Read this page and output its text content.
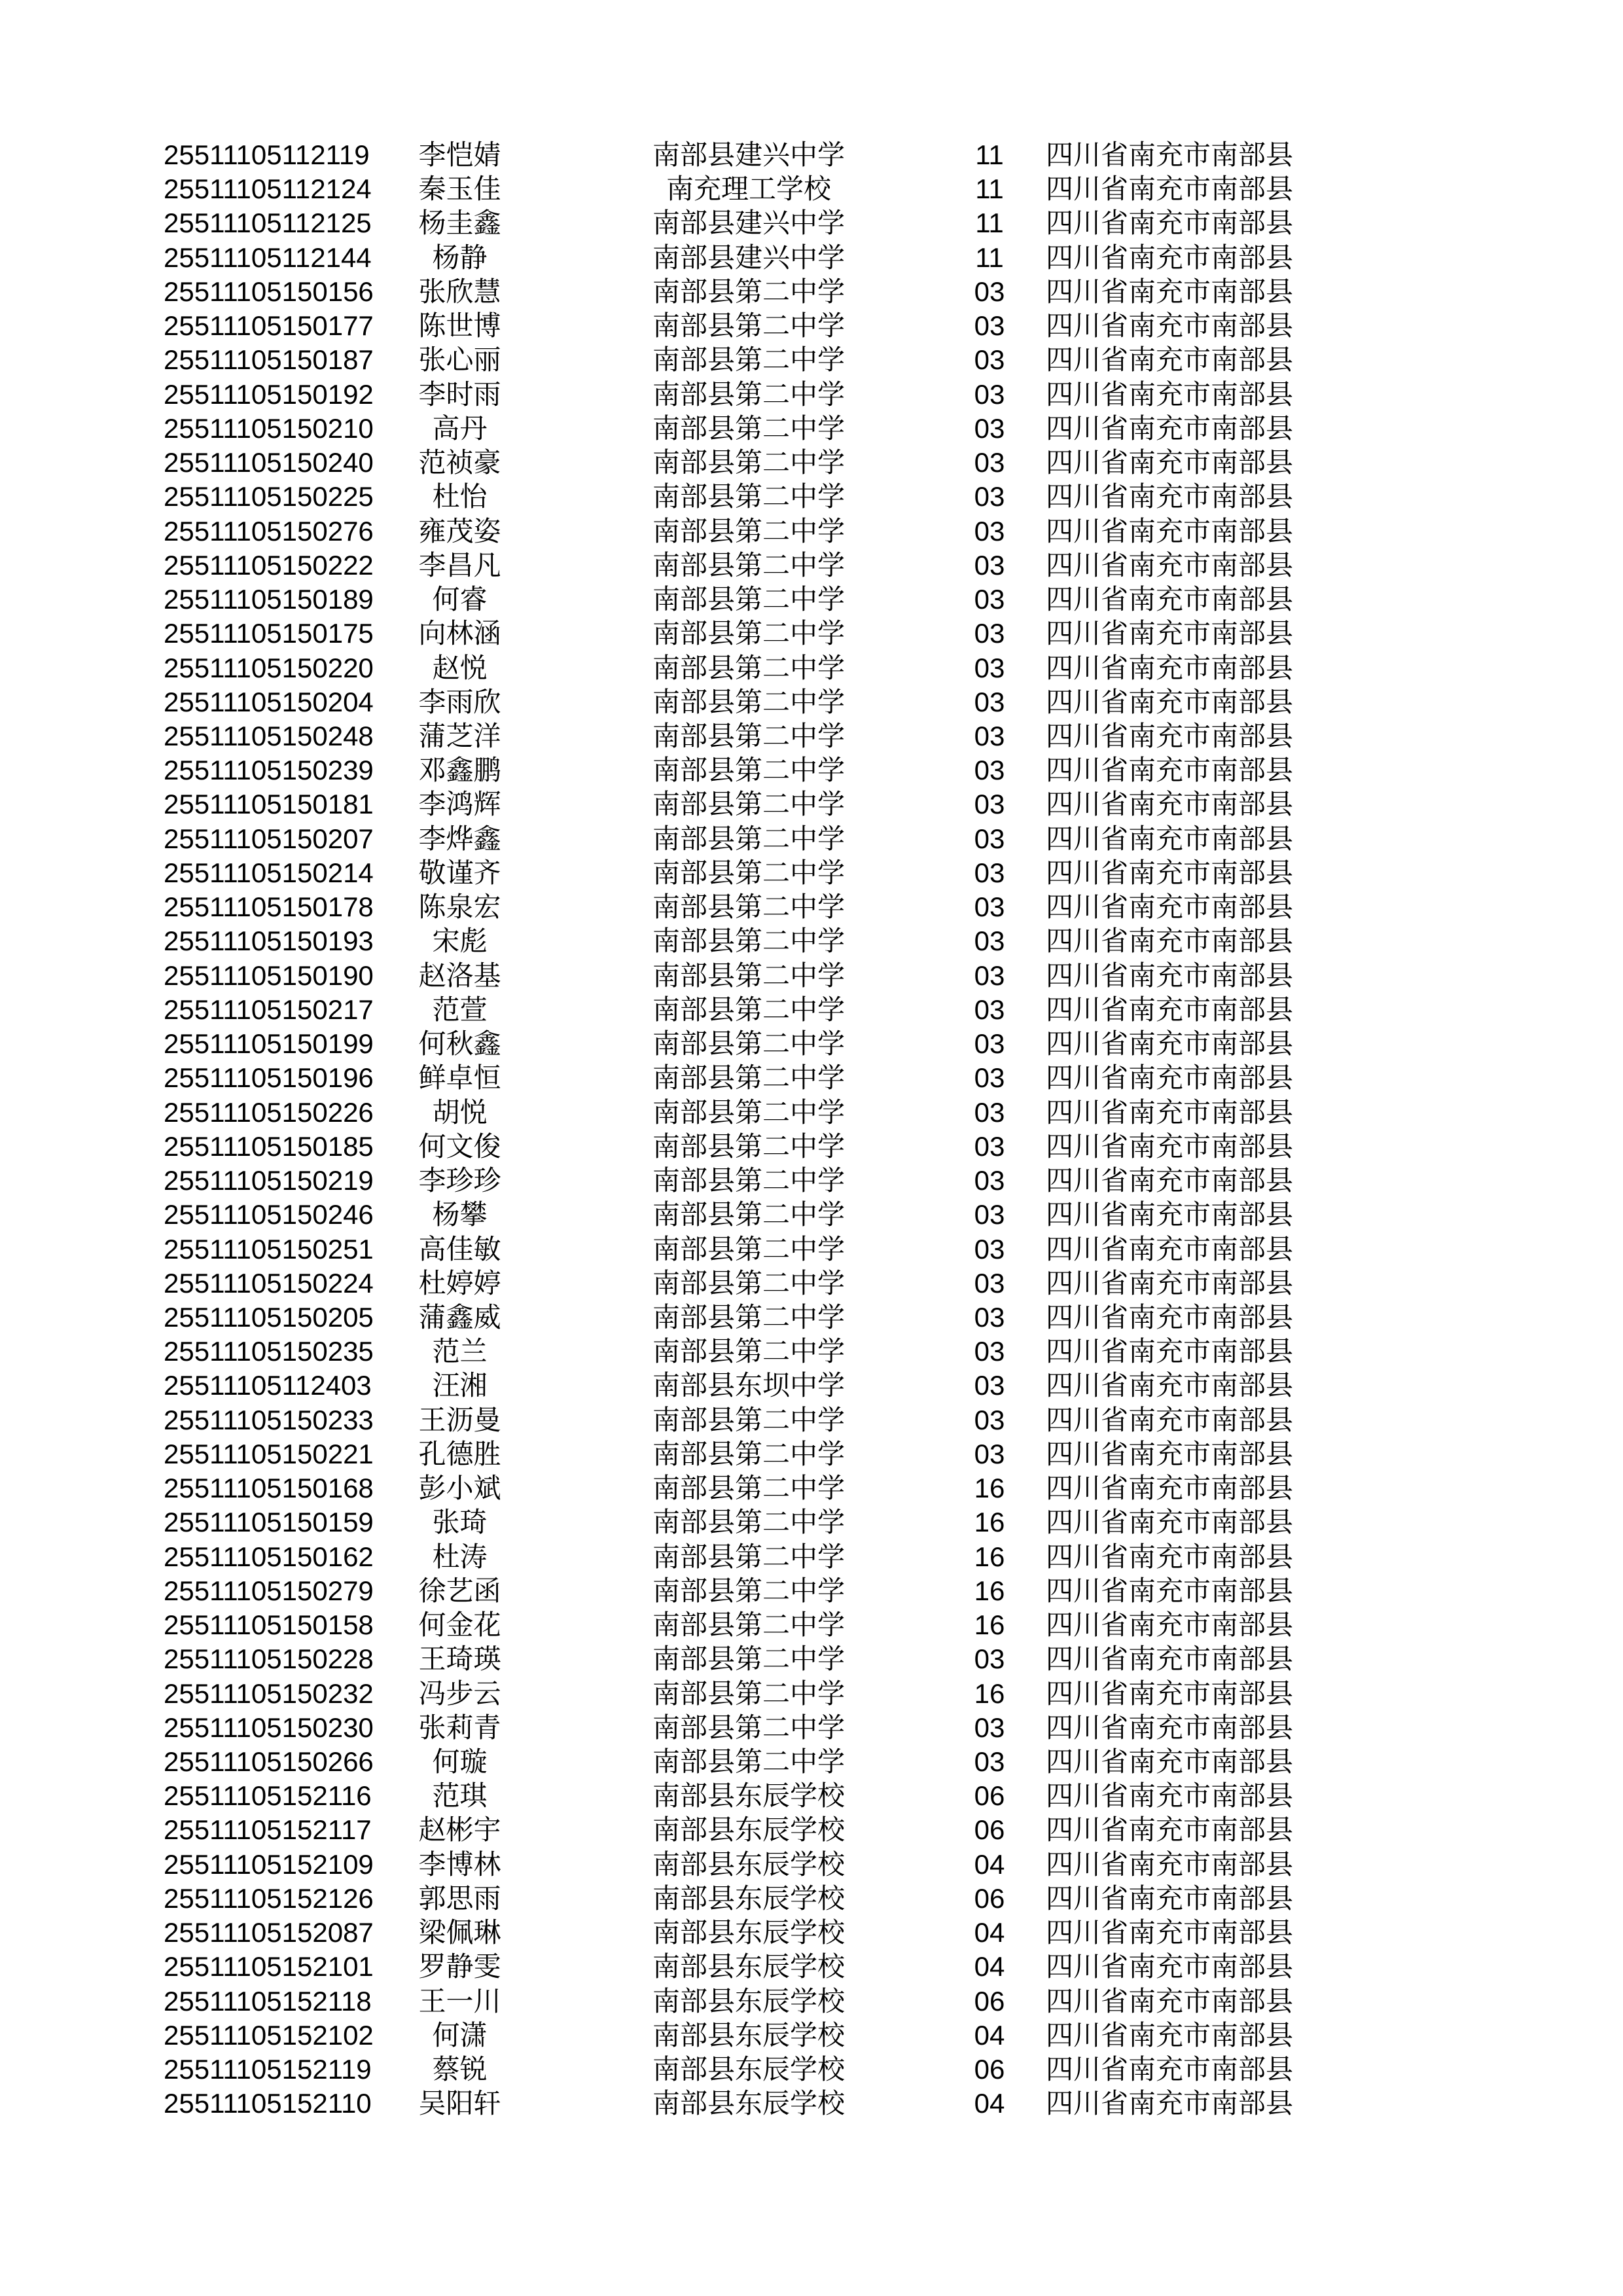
25511105112119	李恺婧	南部县建兴中学	11	四川省南充市南部县
25511105112124	秦玉佳	南充理工学校	11	四川省南充市南部县
25511105112125	杨圭鑫	南部县建兴中学	11	四川省南充市南部县
25511105112144	杨静	南部县建兴中学	11	四川省南充市南部县
25511105150156	张欣慧	南部县第二中学	03	四川省南充市南部县
25511105150177	陈世博	南部县第二中学	03	四川省南充市南部县
25511105150187	张心丽	南部县第二中学	03	四川省南充市南部县
25511105150192	李时雨	南部县第二中学	03	四川省南充市南部县
25511105150210	高丹	南部县第二中学	03	四川省南充市南部县
25511105150240	范祯豪	南部县第二中学	03	四川省南充市南部县
25511105150225	杜怡	南部县第二中学	03	四川省南充市南部县
25511105150276	雍茂姿	南部县第二中学	03	四川省南充市南部县
25511105150222	李昌凡	南部县第二中学	03	四川省南充市南部县
25511105150189	何睿	南部县第二中学	03	四川省南充市南部县
25511105150175	向林涵	南部县第二中学	03	四川省南充市南部县
25511105150220	赵悦	南部县第二中学	03	四川省南充市南部县
25511105150204	李雨欣	南部县第二中学	03	四川省南充市南部县
25511105150248	蒲芝洋	南部县第二中学	03	四川省南充市南部县
25511105150239	邓鑫鹏	南部县第二中学	03	四川省南充市南部县
25511105150181	李鸿辉	南部县第二中学	03	四川省南充市南部县
25511105150207	李烨鑫	南部县第二中学	03	四川省南充市南部县
25511105150214	敬谨齐	南部县第二中学	03	四川省南充市南部县
25511105150178	陈泉宏	南部县第二中学	03	四川省南充市南部县
25511105150193	宋彪	南部县第二中学	03	四川省南充市南部县
25511105150190	赵洛基	南部县第二中学	03	四川省南充市南部县
25511105150217	范萱	南部县第二中学	03	四川省南充市南部县
25511105150199	何秋鑫	南部县第二中学	03	四川省南充市南部县
25511105150196	鲜卓恒	南部县第二中学	03	四川省南充市南部县
25511105150226	胡悦	南部县第二中学	03	四川省南充市南部县
25511105150185	何文俊	南部县第二中学	03	四川省南充市南部县
25511105150219	李珍珍	南部县第二中学	03	四川省南充市南部县
25511105150246	杨攀	南部县第二中学	03	四川省南充市南部县
25511105150251	高佳敏	南部县第二中学	03	四川省南充市南部县
25511105150224	杜婷婷	南部县第二中学	03	四川省南充市南部县
25511105150205	蒲鑫威	南部县第二中学	03	四川省南充市南部县
25511105150235	范兰	南部县第二中学	03	四川省南充市南部县
25511105112403	汪湘	南部县东坝中学	03	四川省南充市南部县
25511105150233	王沥曼	南部县第二中学	03	四川省南充市南部县
25511105150221	孔德胜	南部县第二中学	03	四川省南充市南部县
25511105150168	彭小斌	南部县第二中学	16	四川省南充市南部县
25511105150159	张琦	南部县第二中学	16	四川省南充市南部县
25511105150162	杜涛	南部县第二中学	16	四川省南充市南部县
25511105150279	徐艺函	南部县第二中学	16	四川省南充市南部县
25511105150158	何金花	南部县第二中学	16	四川省南充市南部县
25511105150228	王琦瑛	南部县第二中学	03	四川省南充市南部县
25511105150232	冯步云	南部县第二中学	16	四川省南充市南部县
25511105150230	张莉青	南部县第二中学	03	四川省南充市南部县
25511105150266	何璇	南部县第二中学	03	四川省南充市南部县
25511105152116	范琪	南部县东辰学校	06	四川省南充市南部县
25511105152117	赵彬宇	南部县东辰学校	06	四川省南充市南部县
25511105152109	李博林	南部县东辰学校	04	四川省南充市南部县
25511105152126	郭思雨	南部县东辰学校	06	四川省南充市南部县
25511105152087	梁佩琳	南部县东辰学校	04	四川省南充市南部县
25511105152101	罗静雯	南部县东辰学校	04	四川省南充市南部县
25511105152118	王一川	南部县东辰学校	06	四川省南充市南部县
25511105152102	何潇	南部县东辰学校	04	四川省南充市南部县
25511105152119	蔡锐	南部县东辰学校	06	四川省南充市南部县
25511105152110	吴阳轩	南部县东辰学校	04	四川省南充市南部县
